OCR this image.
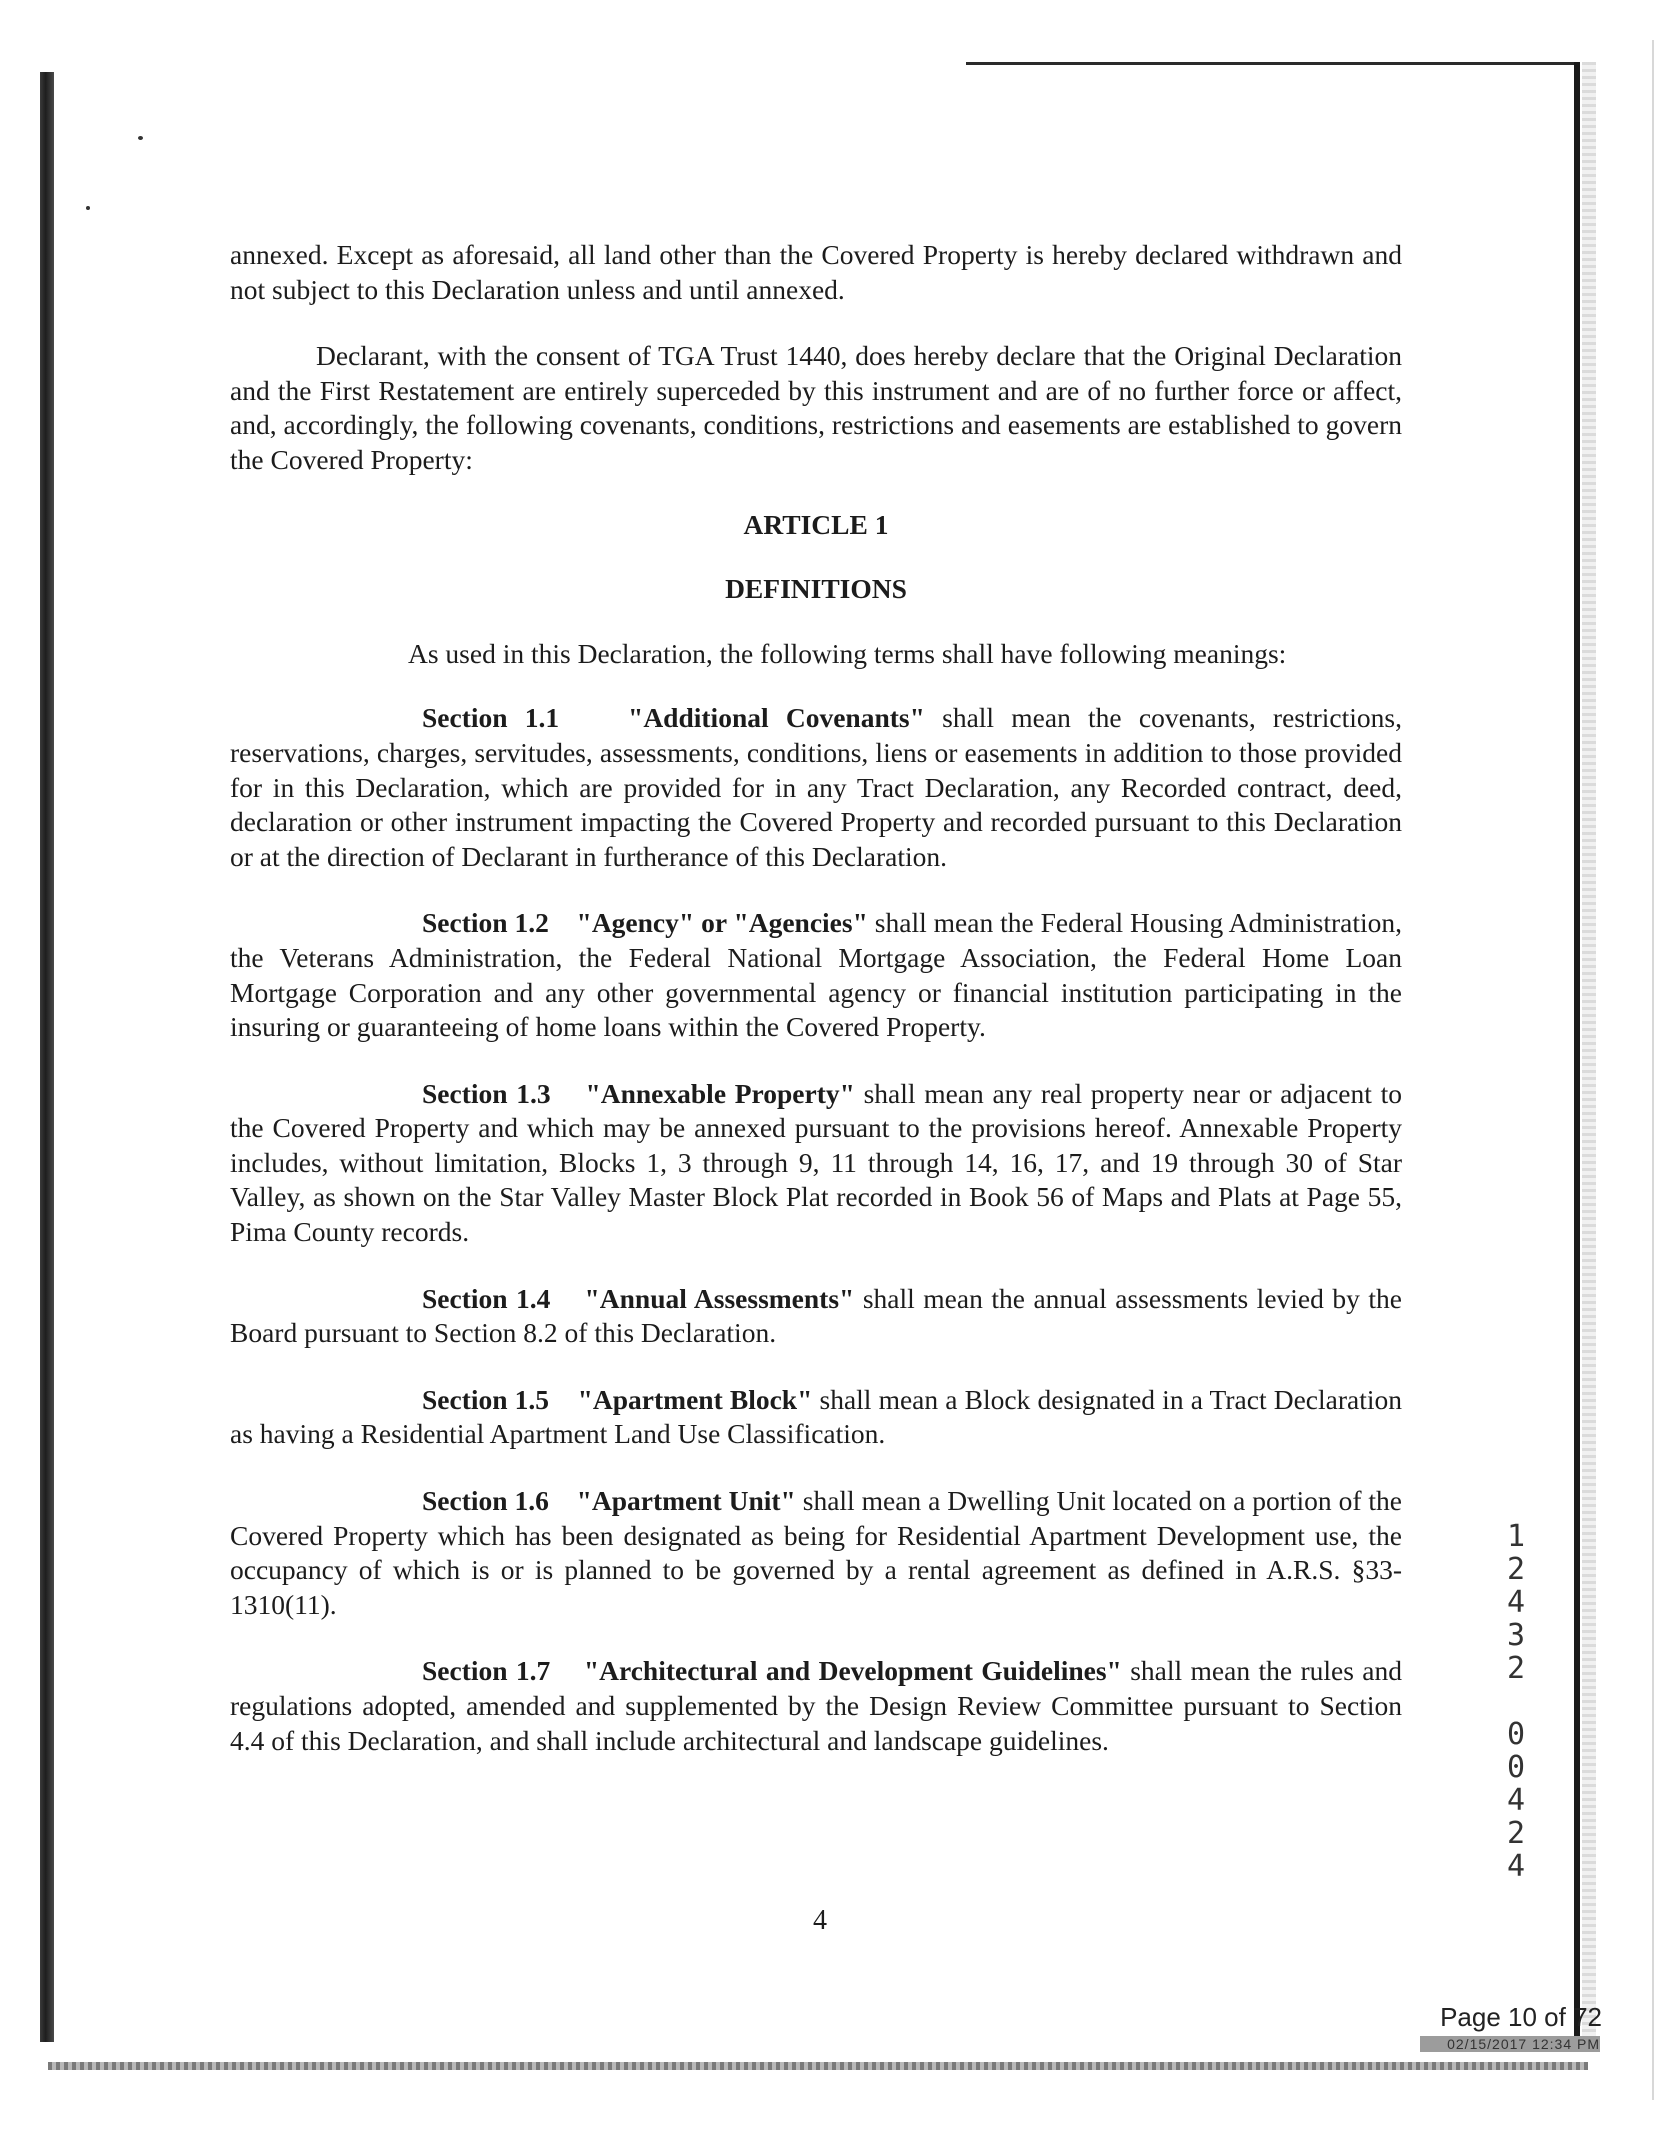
annexed. Except as aforesaid, all land other than the Covered Property is hereby declared withdrawn and not subject to this Declaration unless and until annexed.

Declarant, with the consent of TGA Trust 1440, does hereby declare that the Original Declaration and the First Restatement are entirely superceded by this instrument and are of no further force or affect, and, accordingly, the following covenants, conditions, restrictions and easements are established to govern the Covered Property:

ARTICLE 1

DEFINITIONS

As used in this Declaration, the following terms shall have following meanings:

Section 1.1	"Additional Covenants" shall mean the covenants, restrictions, reservations, charges, servitudes, assessments, conditions, liens or easements in addition to those provided for in this Declaration, which are provided for in any Tract Declaration, any Recorded contract, deed, declaration or other instrument impacting the Covered Property and recorded pursuant to this Declaration or at the direction of Declarant in furtherance of this Declaration.

Section 1.2 "Agency" or "Agencies" shall mean the Federal Housing Administration, the Veterans Administration, the Federal National Mortgage Association, the Federal Home Loan Mortgage Corporation and any other governmental agency or financial institution participating in the insuring or guaranteeing of home loans within the Covered Property.

Section 1.3 "Annexable Property" shall mean any real property near or adjacent to the Covered Property and which may be annexed pursuant to the provisions hereof. Annexable Property includes, without limitation, Blocks 1, 3 through 9, 11 through 14, 16, 17, and 19 through 30 of Star Valley, as shown on the Star Valley Master Block Plat recorded in Book 56 of Maps and Plats at Page 55, Pima County records.

Section 1.4 "Annual Assessments" shall mean the annual assessments levied by the Board pursuant to Section 8.2 of this Declaration.

Section 1.5 "Apartment Block" shall mean a Block designated in a Tract Declaration as having a Residential Apartment Land Use Classification.

Section 1.6 "Apartment Unit" shall mean a Dwelling Unit located on a portion of the Covered Property which has been designated as being for Residential Apartment Development use, the occupancy of which is or is planned to be governed by a rental agreement as defined in A.R.S. §33-1310(11).

Section 1.7 "Architectural and Development Guidelines" shall mean the rules and regulations adopted, amended and supplemented by the Design Review Committee pursuant to Section 4.4 of this Declaration, and shall include architectural and landscape guidelines.

4
1
2
4
3
2
0
0
4
2
4
Page 10 of 72
02/15/2017 12:34 PM
